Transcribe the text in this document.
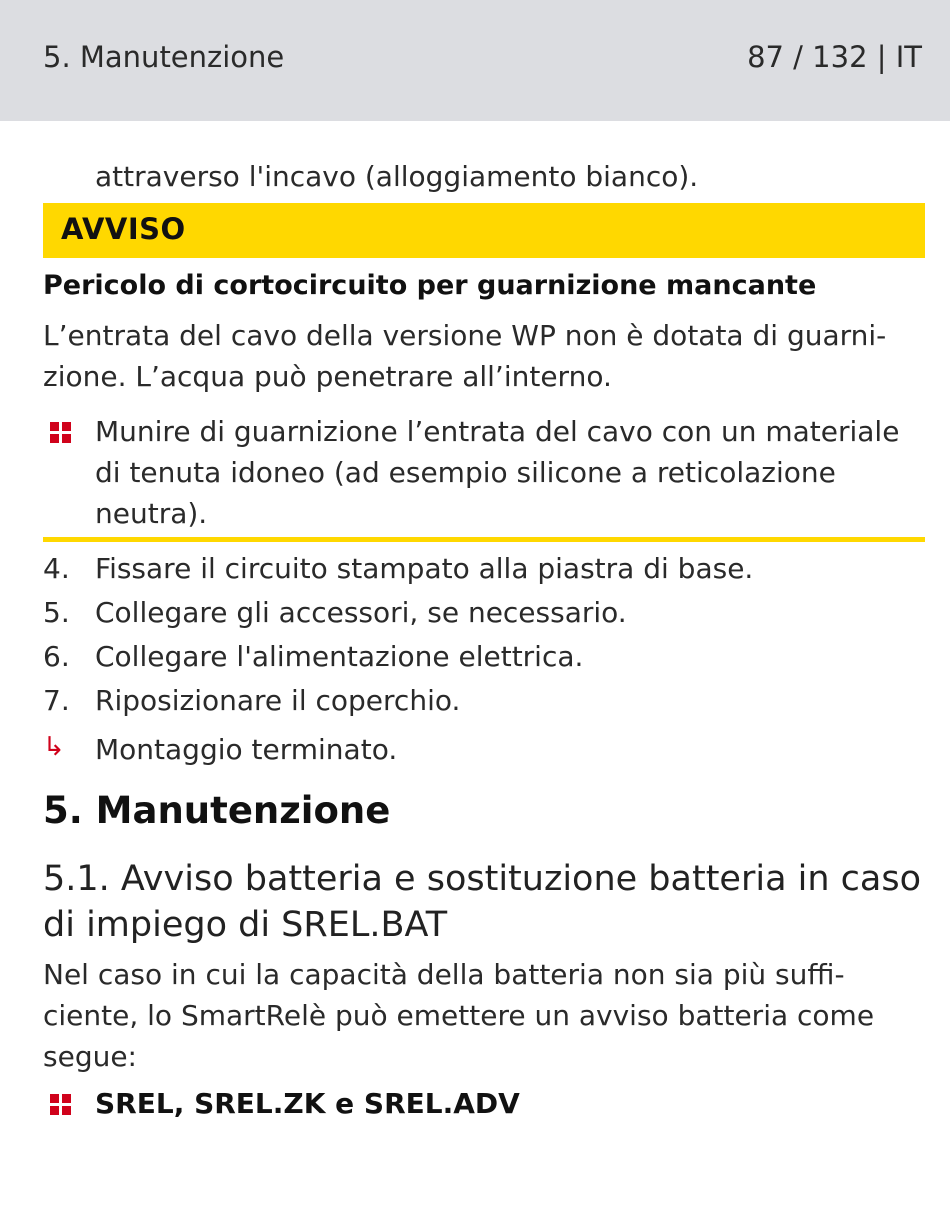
5. Manutenzione	87 / 132 | IT
attraverso l'incavo (alloggiamento bianco).
AVVISO
Pericolo di cortocircuito per guarnizione mancante
L’entrata del cavo della versione WP non è dotata di guarni-
zione. L’acqua può penetrare all’interno.
Munire di guarnizione l’entrata del cavo con un materiale
di tenuta idoneo (ad esempio silicone a reticolazione
neutra).
4. Fissare il circuito stampato alla piastra di base.
5. Collegare gli accessori, se necessario.
6. Collegare l'alimentazione elettrica.
7. Riposizionare il coperchio.
↳ Montaggio terminato.
5. Manutenzione
5.1. Avviso batteria e sostituzione batteria in caso
di impiego di SREL.BAT
Nel caso in cui la capacità della batteria non sia più suffi-
ciente, lo SmartRelè può emettere un avviso batteria come
segue:
SREL, SREL.ZK e SREL.ADV
